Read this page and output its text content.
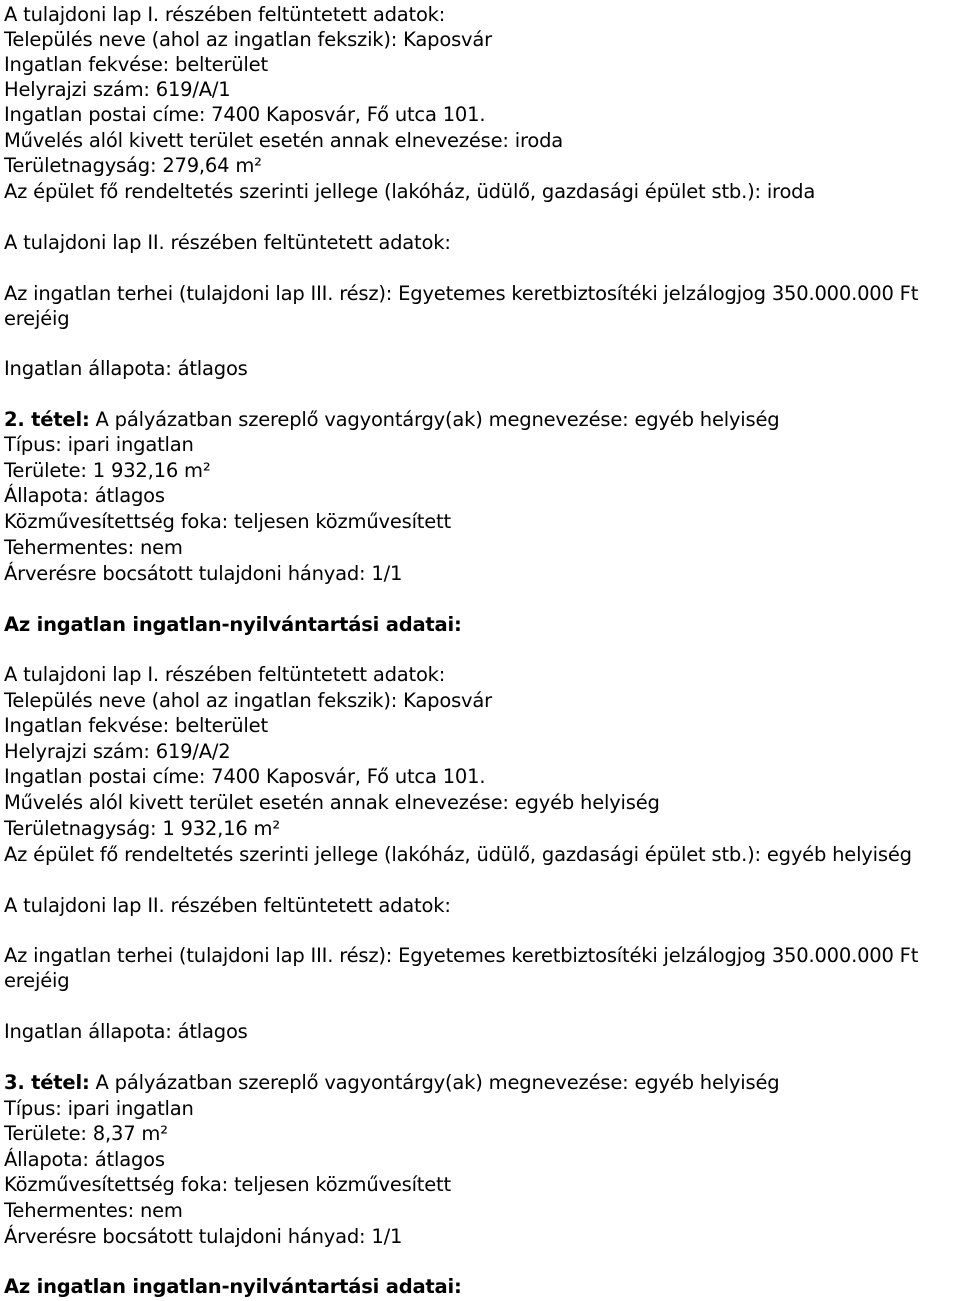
A tulajdoni lap I. részében feltüntetett adatok:
Település neve (ahol az ingatlan fekszik): Kaposvár
Ingatlan fekvése: belterület
Helyrajzi szám: 619/A/1
Ingatlan postai címe: 7400 Kaposvár, Fő utca 101.
Művelés alól kivett terület esetén annak elnevezése: iroda
Területnagyság: 279,64 m²
Az épület fő rendeltetés szerinti jellege (lakóház, üdülő, gazdasági épület stb.): iroda
A tulajdoni lap II. részében feltüntetett adatok:
Az ingatlan terhei (tulajdoni lap III. rész): Egyetemes keretbiztosítéki jelzálogjog 350.000.000 Ft
erejéig
Ingatlan állapota: átlagos
2. tétel: A pályázatban szereplő vagyontárgy(ak) megnevezése: egyéb helyiség
Típus: ipari ingatlan
Területe: 1 932,16 m²
Állapota: átlagos
Közművesítettség foka: teljesen közművesített
Tehermentes: nem
Árverésre bocsátott tulajdoni hányad: 1/1
Az ingatlan ingatlan-nyilvántartási adatai:
A tulajdoni lap I. részében feltüntetett adatok:
Település neve (ahol az ingatlan fekszik): Kaposvár
Ingatlan fekvése: belterület
Helyrajzi szám: 619/A/2
Ingatlan postai címe: 7400 Kaposvár, Fő utca 101.
Művelés alól kivett terület esetén annak elnevezése: egyéb helyiség
Területnagyság: 1 932,16 m²
Az épület fő rendeltetés szerinti jellege (lakóház, üdülő, gazdasági épület stb.): egyéb helyiség
A tulajdoni lap II. részében feltüntetett adatok:
Az ingatlan terhei (tulajdoni lap III. rész): Egyetemes keretbiztosítéki jelzálogjog 350.000.000 Ft
erejéig
Ingatlan állapota: átlagos
3. tétel: A pályázatban szereplő vagyontárgy(ak) megnevezése: egyéb helyiség
Típus: ipari ingatlan
Területe: 8,37 m²
Állapota: átlagos
Közművesítettség foka: teljesen közművesített
Tehermentes: nem
Árverésre bocsátott tulajdoni hányad: 1/1
Az ingatlan ingatlan-nyilvántartási adatai:
